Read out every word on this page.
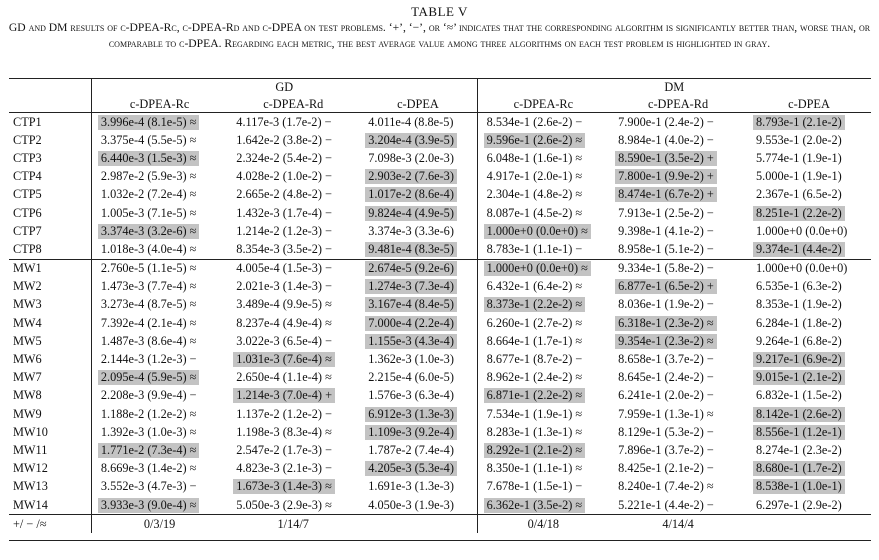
TABLE V
GD and DM results of c-DPEA-Rc, c-DPEA-Rd and c-DPEA on test problems. ‘+’, ‘−’, or ‘≈’ indicates that the corresponding algorithm is significantly better than, worse than, or comparable to c-DPEA. Regarding each metric, the best average value among three algorithms on each test problem is highlighted in gray.
	GD			DM		
	c-DPEA-Rc	c-DPEA-Rd	c-DPEA	c-DPEA-Rc	c-DPEA-Rd	c-DPEA
CTP1	3.996e-4 (8.1e-5) ≈	4.117e-3 (1.7e-2) −	4.011e-4 (8.8e-5)	8.534e-1 (2.6e-2) −	7.900e-1 (2.4e-2) −	8.793e-1 (2.1e-2)
CTP2	3.375e-4 (5.5e-5) ≈	1.642e-2 (3.8e-2) −	3.204e-4 (3.9e-5)	9.596e-1 (2.6e-2) ≈	8.984e-1 (4.0e-2) −	9.553e-1 (2.0e-2)
CTP3	6.440e-3 (1.5e-3) ≈	2.324e-2 (5.4e-2) −	7.098e-3 (2.0e-3)	6.048e-1 (1.6e-1) ≈	8.590e-1 (3.5e-2) +	5.774e-1 (1.9e-1)
CTP4	2.987e-2 (5.9e-3) ≈	4.028e-2 (1.0e-2) −	2.903e-2 (7.6e-3)	4.917e-1 (2.0e-1) ≈	7.800e-1 (9.9e-2) +	5.000e-1 (1.9e-1)
CTP5	1.032e-2 (7.2e-4) ≈	2.665e-2 (4.8e-2) −	1.017e-2 (8.6e-4)	2.304e-1 (4.8e-2) ≈	8.474e-1 (6.7e-2) +	2.367e-1 (6.5e-2)
CTP6	1.005e-3 (7.1e-5) ≈	1.432e-3 (1.7e-4) −	9.824e-4 (4.9e-5)	8.087e-1 (4.5e-2) ≈	7.913e-1 (2.5e-2) −	8.251e-1 (2.2e-2)
CTP7	3.374e-3 (3.2e-6) ≈	1.214e-2 (1.2e-3) −	3.374e-3 (3.3e-6)	1.000e+0 (0.0e+0) ≈	9.398e-1 (4.1e-2) −	1.000e+0 (0.0e+0)
CTP8	1.018e-3 (4.0e-4) ≈	8.354e-3 (3.5e-2) −	9.481e-4 (8.3e-5)	8.783e-1 (1.1e-1) −	8.958e-1 (5.1e-2) −	9.374e-1 (4.4e-2)
MW1	2.760e-5 (1.1e-5) ≈	4.005e-4 (1.5e-3) −	2.674e-5 (9.2e-6)	1.000e+0 (0.0e+0) ≈	9.334e-1 (5.8e-2) −	1.000e+0 (0.0e+0)
MW2	1.473e-3 (7.7e-4) ≈	2.021e-3 (1.4e-3) −	1.274e-3 (7.3e-4)	6.432e-1 (6.4e-2) ≈	6.877e-1 (6.5e-2) +	6.535e-1 (6.3e-2)
MW3	3.273e-4 (8.7e-5) ≈	3.489e-4 (9.9e-5) ≈	3.167e-4 (8.4e-5)	8.373e-1 (2.2e-2) ≈	8.036e-1 (1.9e-2) −	8.353e-1 (1.9e-2)
MW4	7.392e-4 (2.1e-4) ≈	8.237e-4 (4.9e-4) ≈	7.000e-4 (2.2e-4)	6.260e-1 (2.7e-2) ≈	6.318e-1 (2.3e-2) ≈	6.284e-1 (1.8e-2)
MW5	1.487e-3 (8.6e-4) ≈	3.022e-3 (6.5e-4) −	1.155e-3 (4.3e-4)	8.664e-1 (1.7e-1) ≈	9.354e-1 (2.3e-2) ≈	9.264e-1 (6.8e-2)
MW6	2.144e-3 (1.2e-3) −	1.031e-3 (7.6e-4) ≈	1.362e-3 (1.0e-3)	8.677e-1 (8.7e-2) −	8.658e-1 (3.7e-2) −	9.217e-1 (6.9e-2)
MW7	2.095e-4 (5.9e-5) ≈	2.650e-4 (1.1e-4) ≈	2.215e-4 (6.0e-5)	8.962e-1 (2.4e-2) ≈	8.645e-1 (2.4e-2) −	9.015e-1 (2.1e-2)
MW8	2.208e-3 (9.9e-4) −	1.214e-3 (7.0e-4) +	1.576e-3 (6.3e-4)	6.871e-1 (2.2e-2) ≈	6.241e-1 (2.0e-2) −	6.832e-1 (1.5e-2)
MW9	1.188e-2 (1.2e-2) ≈	1.137e-2 (1.2e-2) −	6.912e-3 (1.3e-3)	7.534e-1 (1.9e-1) ≈	7.959e-1 (1.3e-1) ≈	8.142e-1 (2.6e-2)
MW10	1.392e-3 (1.0e-3) ≈	1.198e-3 (8.3e-4) ≈	1.109e-3 (9.2e-4)	8.283e-1 (1.3e-1) ≈	8.129e-1 (5.3e-2) −	8.556e-1 (1.2e-1)
MW11	1.771e-2 (7.3e-4) ≈	2.547e-2 (1.7e-3) −	1.787e-2 (7.4e-4)	8.292e-1 (2.1e-2) ≈	7.896e-1 (3.7e-2) −	8.274e-1 (2.3e-2)
MW12	8.669e-3 (1.4e-2) ≈	4.823e-3 (2.1e-3) −	4.205e-3 (5.3e-4)	8.350e-1 (1.1e-1) ≈	8.425e-1 (2.1e-2) −	8.680e-1 (1.7e-2)
MW13	3.552e-3 (4.7e-3) −	1.673e-3 (1.4e-3) ≈	1.691e-3 (1.3e-3)	7.678e-1 (1.5e-1) −	8.240e-1 (7.4e-2) ≈	8.538e-1 (1.0e-1)
MW14	3.933e-3 (9.0e-4) ≈	5.050e-3 (2.9e-3) ≈	4.050e-3 (1.9e-3)	6.362e-1 (3.5e-2) ≈	5.221e-1 (4.4e-2) −	6.297e-1 (2.9e-2)
+/ − /≈	0/3/19	1/14/7		0/4/18	4/14/4	
